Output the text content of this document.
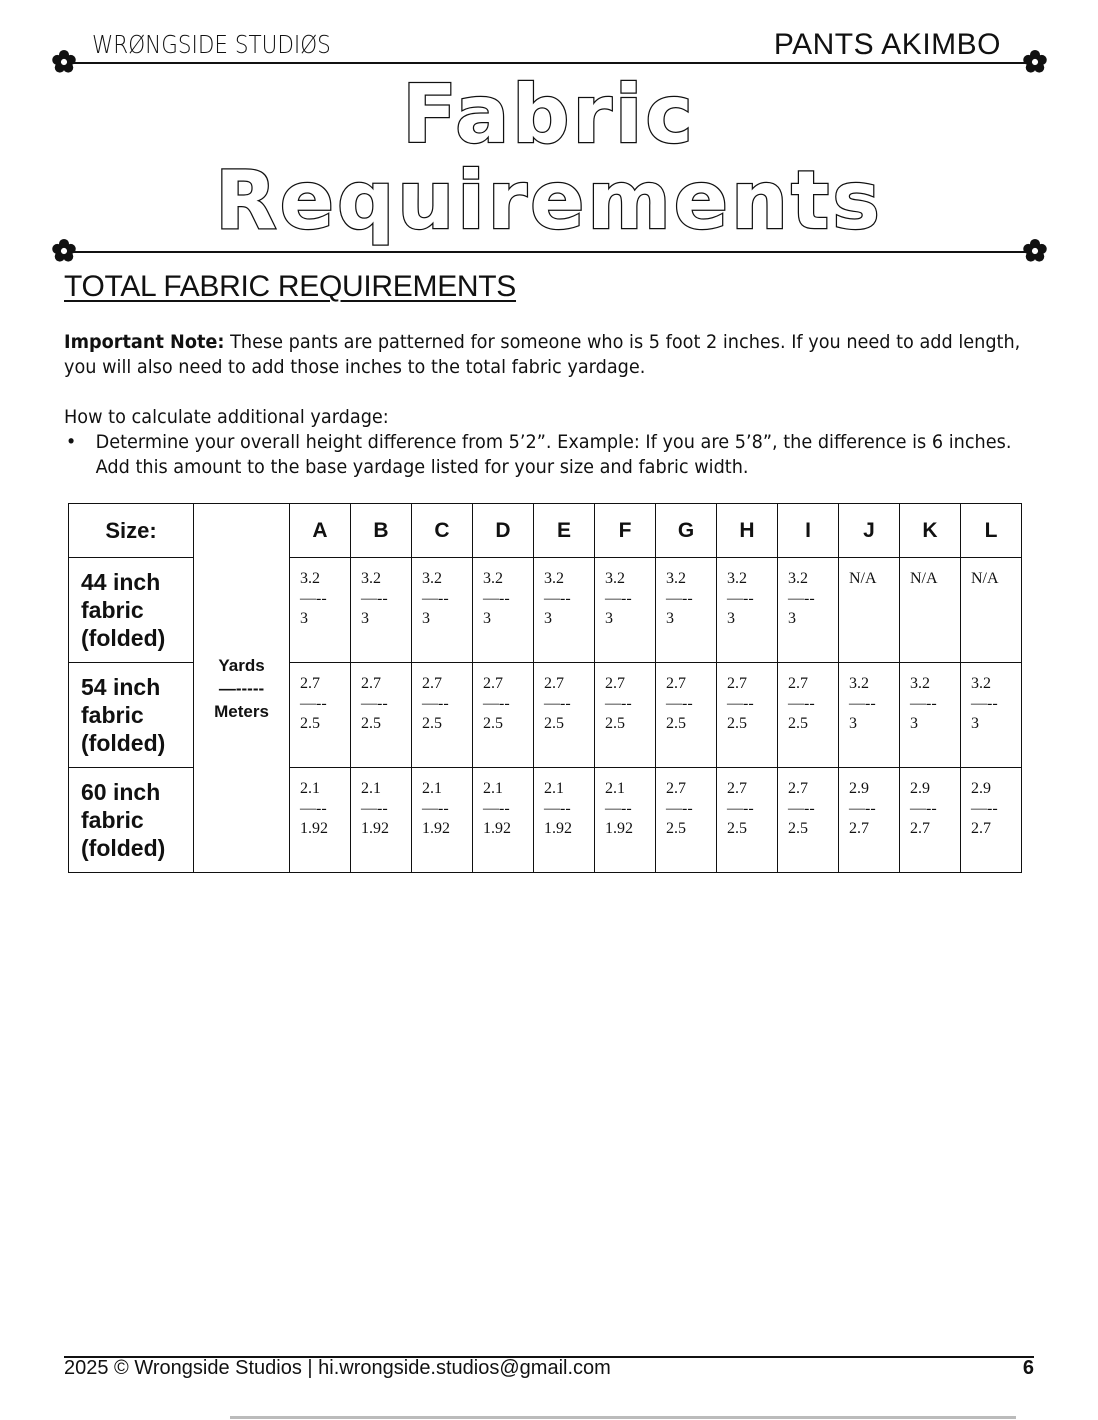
WRØNGSIDE STUDIØS	PANTS AKIMBO
Fabric
Requirements
TOTAL FABRIC REQUIREMENTS
Important Note: These pants are patterned for someone who is 5 foot 2 inches. If you need to add length, you will also need to add those inches to the total fabric yardage.
How to calculate additional yardage:
• Determine your overall height difference from 5’2”. Example: If you are 5’8”, the difference is 6 inches. Add this amount to the base yardage listed for your size and fabric width.
Size:	Yards
—-----
Meters	A	B	C	D	E	F	G	H	I	J	K	L

44 inch
fabric
(folded)		3.2
—--
3	3.2
—--
3	3.2
—--
3	3.2
—--
3	3.2
—--
3	3.2
—--
3	3.2
—--
3	3.2
—--
3	3.2
—--
3	N/A	N/A	N/A

54 inch
fabric
(folded)		2.7
—--
2.5	2.7
—--
2.5	2.7
—--
2.5	2.7
—--
2.5	2.7
—--
2.5	2.7
—--
2.5	2.7
—--
2.5	2.7
—--
2.5	2.7
—--
2.5	3.2
—--
3	3.2
—--
3	3.2
—--
3

60 inch
fabric
(folded)		2.1
—--
1.92	2.1
—--
1.92	2.1
—--
1.92	2.1
—--
1.92	2.1
—--
1.92	2.1
—--
1.92	2.7
—--
2.5	2.7
—--
2.5	2.7
—--
2.5	2.9
—--
2.7	2.9
—--
2.7	2.9
—--
2.7
2025 © Wrongside Studios | hi.wrongside.studios@gmail.com	6
